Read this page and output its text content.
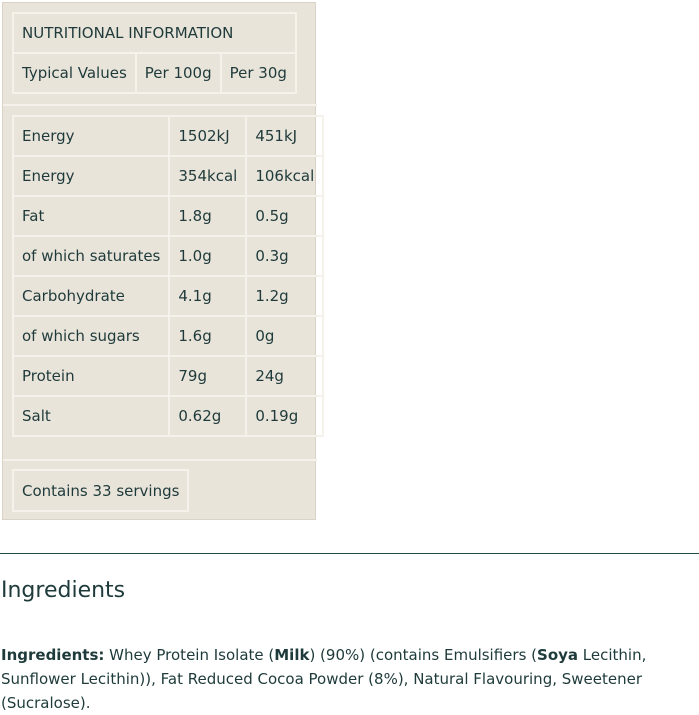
NUTRITIONAL INFORMATION
Typical Values	Per 100g	Per 30g
Energy	1502kJ	451kJ
Energy	354kcal	106kcal
Fat	1.8g	0.5g
of which saturates	1.0g	0.3g
Carbohydrate	4.1g	1.2g
of which sugars	1.6g	0g
Protein	79g	24g
Salt	0.62g	0.19g
Contains 33 servings
Ingredients

Ingredients: Whey Protein Isolate (Milk) (90%) (contains Emulsifiers (Soya Lecithin, Sunflower Lecithin)), Fat Reduced Cocoa Powder (8%), Natural Flavouring, Sweetener (Sucralose).
